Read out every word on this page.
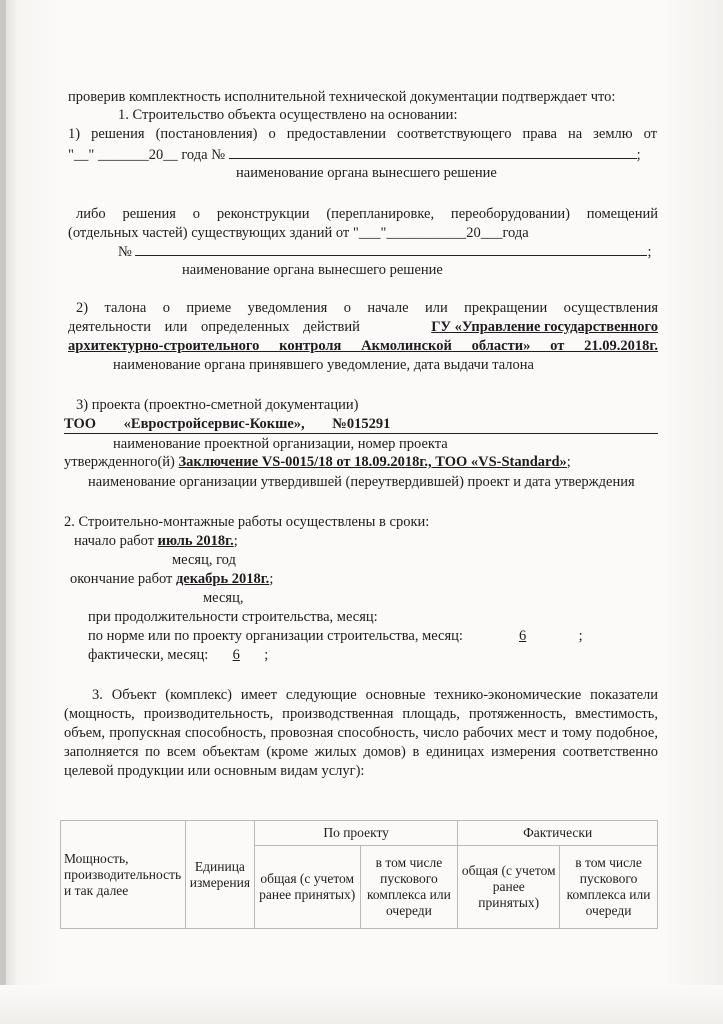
проверив комплектность исполнительной технической документации подтверждает что:
1. Строительство объекта осуществлено на основании:
1) решения (постановления) о предоставлении соответствующего права на землю от
"__" _______20__ года №	;
наименование органа вынесшего решение
либо решения о реконструкции (перепланировке, переоборудовании) помещений
(отдельных частей) существующих зданий от "___"___________20___года
№	;
наименование органа вынесшего решение
2) талона о приеме уведомления о начале или прекращении осуществления
деятельности или определенных действий	ГУ «Управление государственного
архитектурно-строительного контроля Акмолинской области» от 21.09.2018г.
наименование органа принявшего уведомление, дата выдачи талона
3) проекта (проектно-сметной документации)
ТОО «Евростройсервис-Кокше», №015291
наименование проектной организации, номер проекта
утвержденного(й) Заключение VS-0015/18 от 18.09.2018г., ТОО «VS-Standard»;
наименование организации утвердившей (переутвердившей) проект и дата утверждения
2. Строительно-монтажные работы осуществлены в сроки:
начало работ июль 2018г.;
месяц, год
окончание работ декабрь 2018г.;
месяц,
при продолжительности строительства, месяц:
по норме или по проекту организации строительства, месяц:	6	;
фактически, месяц: 6 ;
3. Объект (комплекс) имеет следующие основные технико-экономические показатели
(мощность, производительность, производственная площадь, протяженность, вместимость,
объем, пропускная способность, провозная способность, число рабочих мест и тому подобное,
заполняется по всем объектам (кроме жилых домов) в единицах измерения соответственно
целевой продукции или основным видам услуг):
Мощность, производительность и так далее	Единица измерения	По проекту		Фактически	
		общая (с учетом ранее принятых)	в том числе пускового комплекса или очереди	общая (с учетом ранее принятых)	в том числе пускового комплекса или очереди
